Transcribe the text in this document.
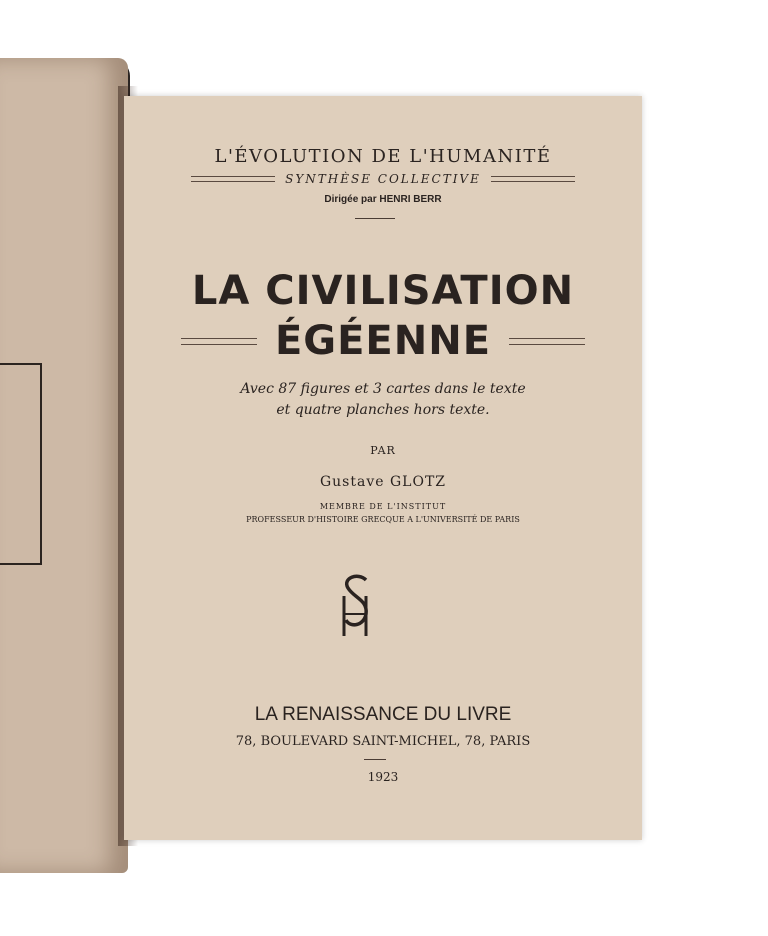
L'ÉVOLUTION DE L'HUMANITÉ

SYNTHÈSE COLLECTIVE

Dirigée par HENRI BERR

LA CIVILISATION

ÉGÉENNE

Avec 87 figures et 3 cartes dans le texte

et quatre planches hors texte.

PAR

Gustave GLOTZ

MEMBRE DE L'INSTITUT

PROFESSEUR D'HISTOIRE GRECQUE A L'UNIVERSITÉ DE PARIS

LA RENAISSANCE DU LIVRE

78, BOULEVARD SAINT-MICHEL, 78, PARIS

1923
